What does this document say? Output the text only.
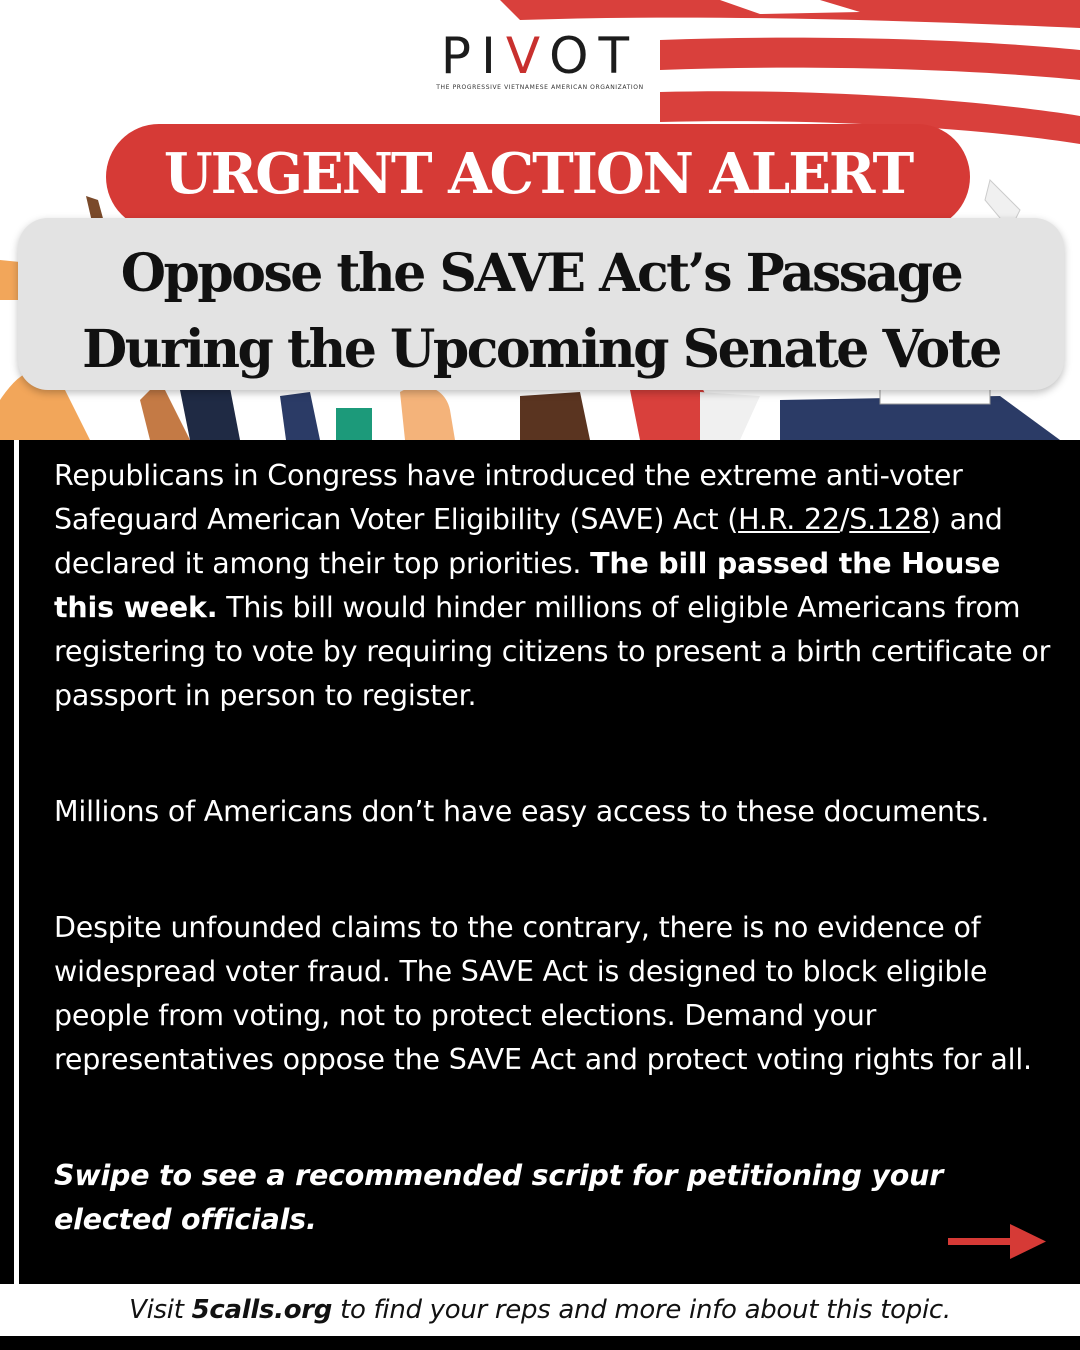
PIVOT
THE PROGRESSIVE VIETNAMESE AMERICAN ORGANIZATION
URGENT ACTION ALERT
Oppose the SAVE Act’s Passage
During the Upcoming Senate Vote

Republicans in Congress have introduced the extreme anti-voter Safeguard American Voter Eligibility (SAVE) Act (H.R. 22/S.128) and declared it among their top priorities. The bill passed the House this week. This bill would hinder millions of eligible Americans from registering to vote by requiring citizens to present a birth certificate or passport in person to register.

Millions of Americans don’t have easy access to these documents.

Despite unfounded claims to the contrary, there is no evidence of widespread voter fraud. The SAVE Act is designed to block eligible people from voting, not to protect elections. Demand your representatives oppose the SAVE Act and protect voting rights for all.

Swipe to see a recommended script for petitioning your elected officials.

Visit 5calls.org to find your reps and more info about this topic.
